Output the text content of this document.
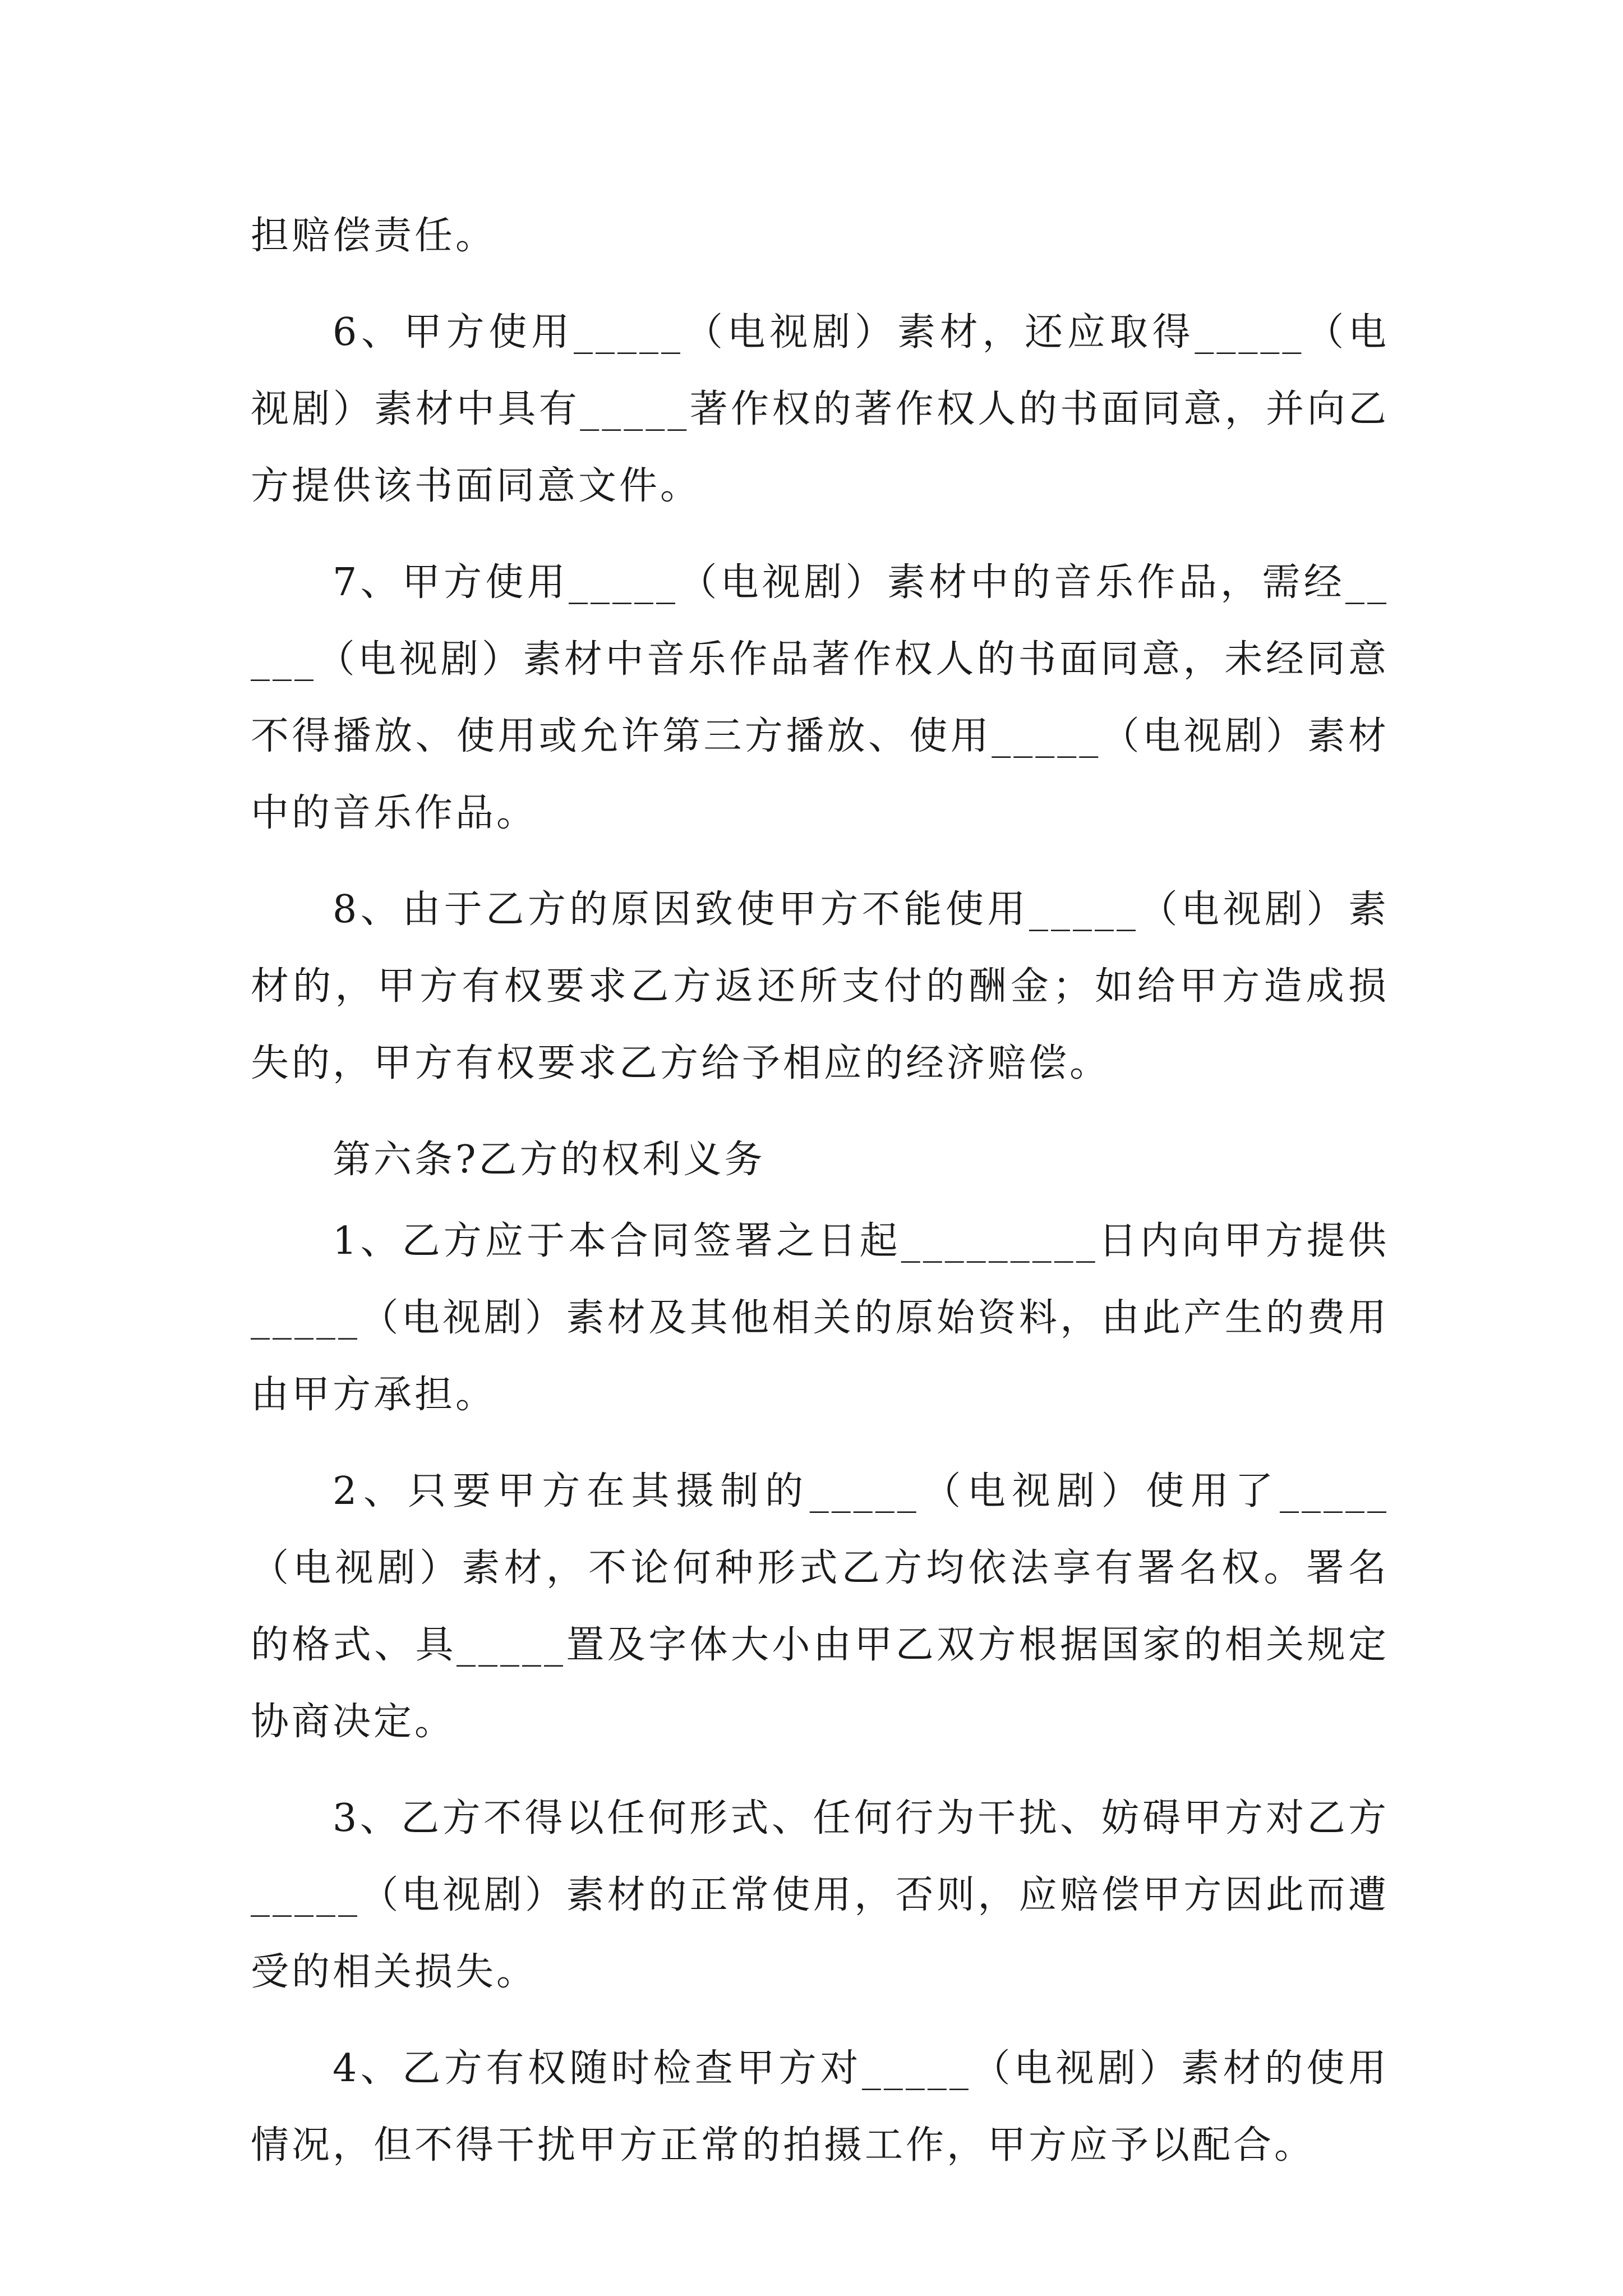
担赔偿责任。

6、甲方使用_____（电视剧）素材，还应取得_____（电视剧）素材中具有_____著作权的著作权人的书面同意，并向乙方提供该书面同意文件。

7、甲方使用_____（电视剧）素材中的音乐作品，需经_____（电视剧）素材中音乐作品著作权人的书面同意，未经同意不得播放、使用或允许第三方播放、使用_____（电视剧）素材中的音乐作品。

8、由于乙方的原因致使甲方不能使用_____（电视剧）素材的，甲方有权要求乙方返还所支付的酬金；如给甲方造成损失的，甲方有权要求乙方给予相应的经济赔偿。

第六条?乙方的权利义务

1、乙方应于本合同签署之日起_________日内向甲方提供_____（电视剧）素材及其他相关的原始资料，由此产生的费用由甲方承担。

2、只要甲方在其摄制的_____（电视剧）使用了_____（电视剧）素材，不论何种形式乙方均依法享有署名权。署名的格式、具_____置及字体大小由甲乙双方根据国家的相关规定协商决定。

3、乙方不得以任何形式、任何行为干扰、妨碍甲方对乙方_____（电视剧）素材的正常使用，否则，应赔偿甲方因此而遭受的相关损失。

4、乙方有权随时检查甲方对_____（电视剧）素材的使用情况，但不得干扰甲方正常的拍摄工作，甲方应予以配合。
